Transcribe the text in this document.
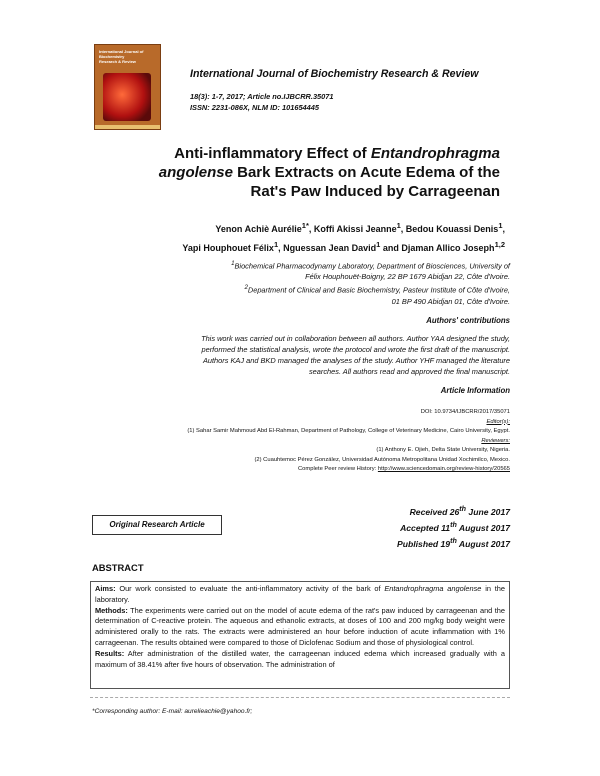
International Journal of
Biochemistry
Research & Review
International Journal of Biochemistry Research & Review
18(3): 1-7, 2017; Article no.IJBCRR.35071
ISSN: 2231-086X, NLM ID: 101654445
Anti-inflammatory Effect of Entandrophragma
angolense Bark Extracts on Acute Edema of the
Rat's Paw Induced by Carrageenan
Yenon Achiè Aurélie$^{1*}$, Koffi Akissi Jeanne$^1$, Bedou Kouassi Denis$^1$,
Yapi Houphouet Félix$^1$, Nguessan Jean David$^1$ and Djaman Allico Joseph$^{1,2}$
$^1$Biochemical Pharmacodynamy Laboratory, Department of Biosciences, University of
Félix Houphouët-Boigny, 22 BP 1679 Abidjan 22, Côte d'Ivoire.
$^2$Department of Clinical and Basic Biochemistry, Pasteur Institute of Côte d'Ivoire,
01 BP 490 Abidjan 01, Côte d'Ivoire.
Authors' contributions
This work was carried out in collaboration between all authors. Author YAA designed the study,
performed the statistical analysis, wrote the protocol and wrote the first draft of the manuscript.
Authors KAJ and BKD managed the analyses of the study. Author YHF managed the literature
searches. All authors read and approved the final manuscript.
Article Information
DOI: 10.9734/IJBCRR/2017/35071
Editor(s):
(1) Sahar Samir Mahmoud Abd El-Rahman, Department of Pathology, College of Veterinary Medicine, Cairo University, Egypt.
Reviewers:
(1) Anthony E. Ojieh, Delta State University, Nigeria.
(2) Cuauhtemoc Pérez González, Universidad Autónoma Metropolitana Unidad Xochimilco, Mexico.
Complete Peer review History: http://www.sciencedomain.org/review-history/20565
Original Research Article
Received 26th June 2017
Accepted 11th August 2017
Published 19th August 2017
ABSTRACT
Aims: Our work consisted to evaluate the anti-inflammatory activity of the bark of Entandrophragma angolense in the laboratory.
Methods: The experiments were carried out on the model of acute edema of the rat's paw induced by carrageenan and the determination of C-reactive protein. The aqueous and ethanolic extracts, at doses of 100 and 200 mg/kg body weight were administered orally to the rats. The extracts were administered an hour before induction of acute inflammation with 1% carrageenan. The results obtained were compared to those of Diclofenac Sodium and those of physiological control.
Results: After administration of the distilled water, the carrageenan induced edema which increased gradually with a maximum of 38.41% after five hours of observation. The administration of
*Corresponding author: E-mail: aurelieachie@yahoo.fr;
